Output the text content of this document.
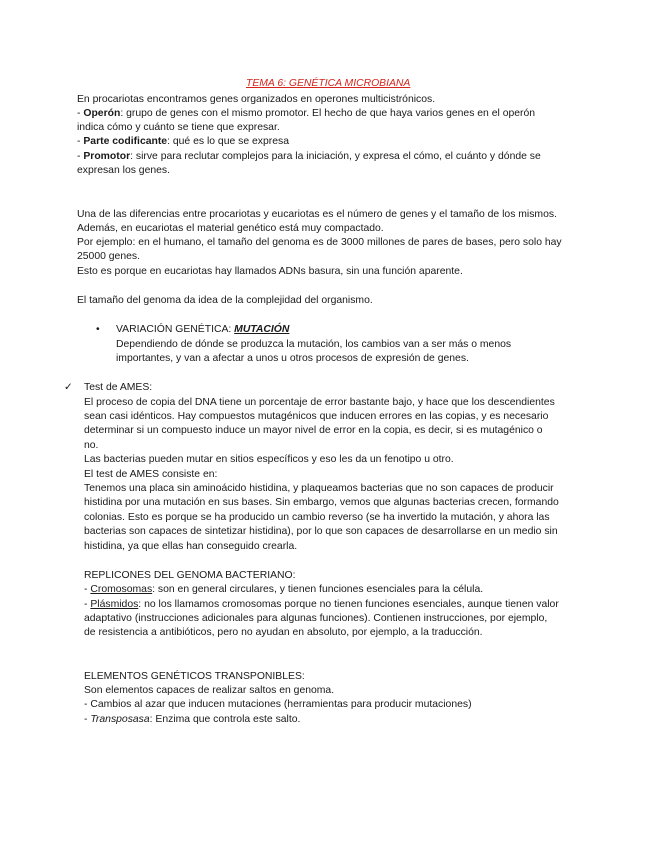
TEMA 6: GENÉTICA MICROBIANA
En procariotas encontramos genes organizados en operones multicistrónicos.
- Operón: grupo de genes con el mismo promotor. El hecho de que haya varios genes en el operón
indica cómo y cuánto se tiene que expresar.
- Parte codificante: qué es lo que se expresa
- Promotor: sirve para reclutar complejos para la iniciación, y expresa el cómo, el cuánto y dónde se
expresan los genes.
Una de las diferencias entre procariotas y eucariotas es el número de genes y el tamaño de los mismos.
Además, en eucariotas el material genético está muy compactado.
Por ejemplo: en el humano, el tamaño del genoma es de 3000 millones de pares de bases, pero solo hay
25000 genes.
Esto es porque en eucariotas hay llamados ADNs basura, sin una función aparente.
El tamaño del genoma da idea de la complejidad del organismo.
• VARIACIÓN GENÉTICA: MUTACIÓN
Dependiendo de dónde se produzca la mutación, los cambios van a ser más o menos
importantes, y van a afectar a unos u otros procesos de expresión de genes.
✓ Test de AMES:
El proceso de copia del DNA tiene un porcentaje de error bastante bajo, y hace que los descendientes
sean casi idénticos. Hay compuestos mutagénicos que inducen errores en las copias, y es necesario
determinar si un compuesto induce un mayor nivel de error en la copia, es decir, si es mutagénico o
no.
Las bacterias pueden mutar en sitios específicos y eso les da un fenotipo u otro.
El test de AMES consiste en:
Tenemos una placa sin aminoácido histidina, y plaqueamos bacterias que no son capaces de producir
histidina por una mutación en sus bases. Sin embargo, vemos que algunas bacterias crecen, formando
colonias. Esto es porque se ha producido un cambio reverso (se ha invertido la mutación, y ahora las
bacterias son capaces de sintetizar histidina), por lo que son capaces de desarrollarse en un medio sin
histidina, ya que ellas han conseguido crearla.
REPLICONES DEL GENOMA BACTERIANO:
- Cromosomas: son en general circulares, y tienen funciones esenciales para la célula.
- Plásmidos: no los llamamos cromosomas porque no tienen funciones esenciales, aunque tienen valor
adaptativo (instrucciones adicionales para algunas funciones). Contienen instrucciones, por ejemplo,
de resistencia a antibióticos, pero no ayudan en absoluto, por ejemplo, a la traducción.
ELEMENTOS GENÉTICOS TRANSPONIBLES:
Son elementos capaces de realizar saltos en genoma.
- Cambios al azar que inducen mutaciones (herramientas para producir mutaciones)
- Transposasa: Enzima que controla este salto.
